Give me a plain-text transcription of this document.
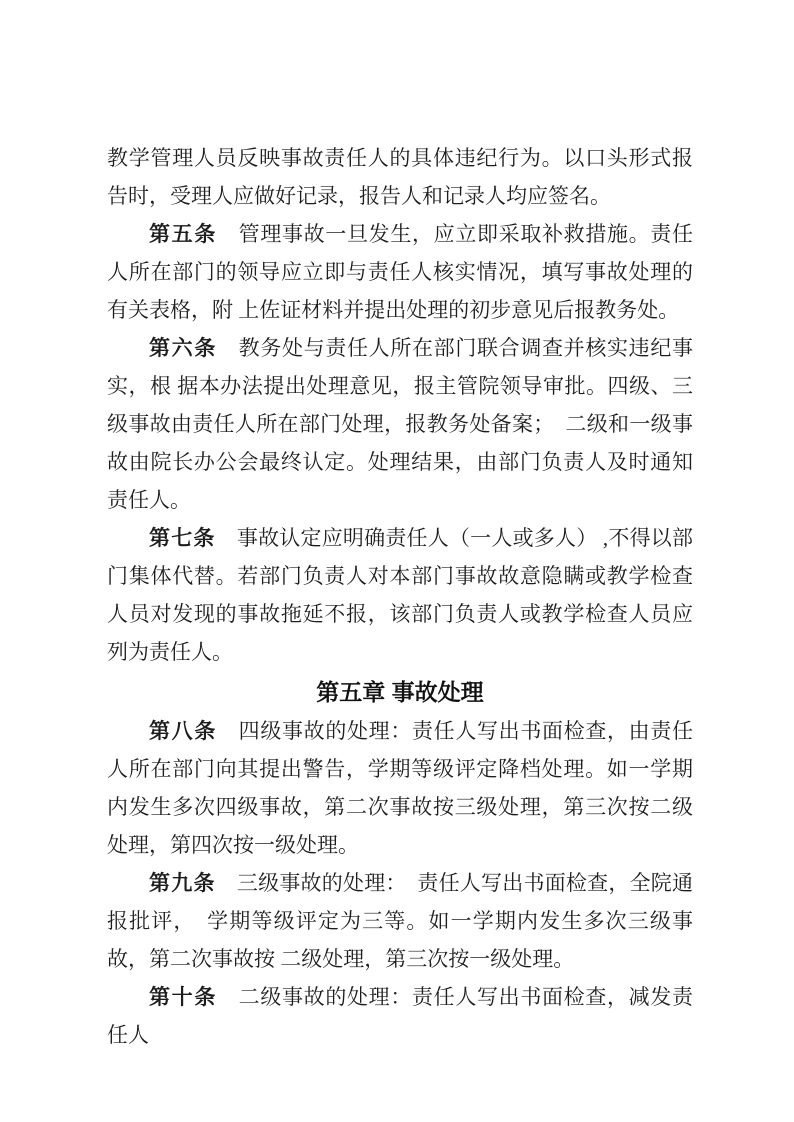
教学管理人员反映事故责任人的具体违纪行为。以口头形式报告时，受理人应做好记录，报告人和记录人均应签名。

第五条　管理事故一旦发生，应立即采取补救措施。责任人所在部门的领导应立即与责任人核实情况，填写事故处理的有关表格，附 上佐证材料并提出处理的初步意见后报教务处。

第六条　教务处与责任人所在部门联合调查并核实违纪事实，根 据本办法提出处理意见，报主管院领导审批。四级、三级事故由责任人所在部门处理，报教务处备案；　二级和一级事故由院长办公会最终认定。处理结果，由部门负责人及时通知责任人。

第七条　事故认定应明确责任人（一人或多人） ,不得以部门集体代替。若部门负责人对本部门事故故意隐瞒或教学检查人员对发现的事故拖延不报，该部门负责人或教学检查人员应列为责任人。

第五章 事故处理

第八条　四级事故的处理：责任人写出书面检查，由责任人所在部门向其提出警告，学期等级评定降档处理。如一学期内发生多次四级事故，第二次事故按三级处理，第三次按二级处理，第四次按一级处理。

第九条　三级事故的处理：　责任人写出书面检查，全院通报批评，　学期等级评定为三等。如一学期内发生多次三级事故，第二次事故按 二级处理，第三次按一级处理。

第十条　二级事故的处理：责任人写出书面检查，减发责任人
